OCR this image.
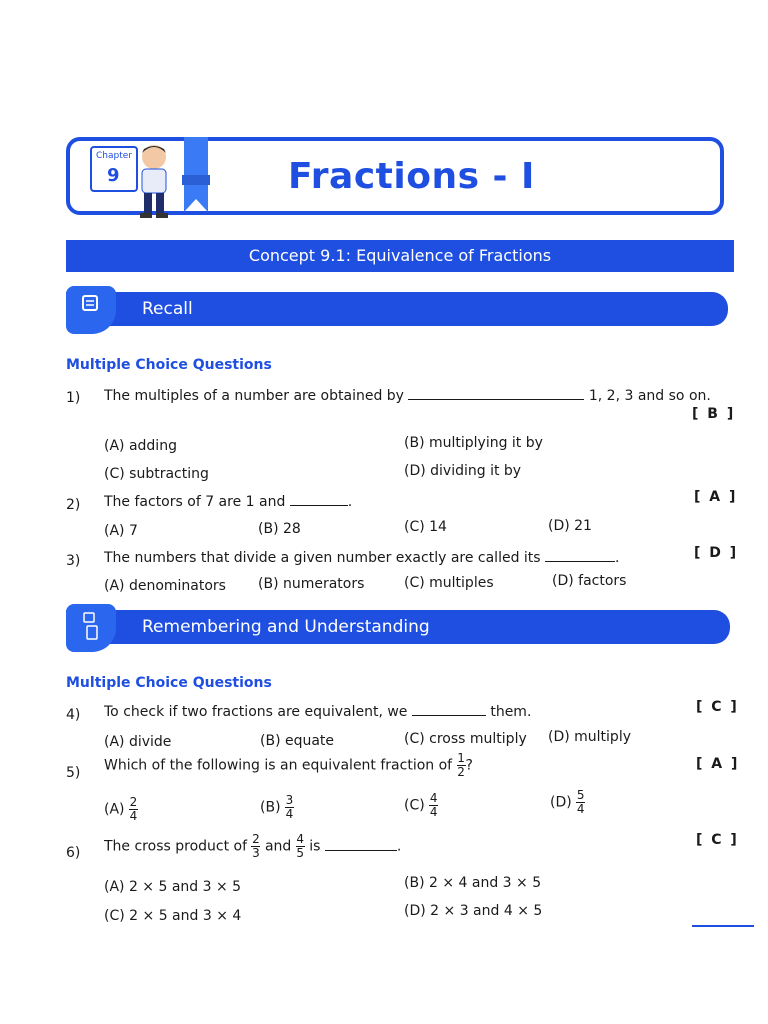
Chapter
9	Fractions - I
Concept 9.1: Equivalence of Fractions
Recall
Multiple Choice Questions
1) The multiples of a number are obtained by	1, 2, 3 and so on.
[ B ]
(A) adding	(B) multiplying it by
(C) subtracting	(D) dividing it by
2) The factors of 7 are 1 and	.	[ A ]
(A) 7	(B) 28	(C) 14	(D) 21
3) The numbers that divide a given number exactly are called its	.	[ D ]
(A) denominators (B) numerators	(C) multiples	(D) factors
Remembering and Understanding
Multiple Choice Questions
4) To check if two fractions are equivalent, we	them.	[ C ]
(A) divide	(B) equate	(C) cross multiply (D) multiply
5) Which of the following is an equivalent fraction of $\frac{1}{2}$ ?	[ A ]
$(A) \frac{2}{4}$	$(B) \frac{3}{4}$	$(C) \frac{4}{4}$	$(D) \frac{5}{4}$
6) The cross product of $\frac{2}{3}$ and $\frac{4}{5}$ is	.	[ C ]
(A) 2 × 5 and 3 × 5	(B) 2 × 4 and 3 × 5
(C) 2 × 5 and 3 × 4	(D) 2 × 3 and 4 × 5
